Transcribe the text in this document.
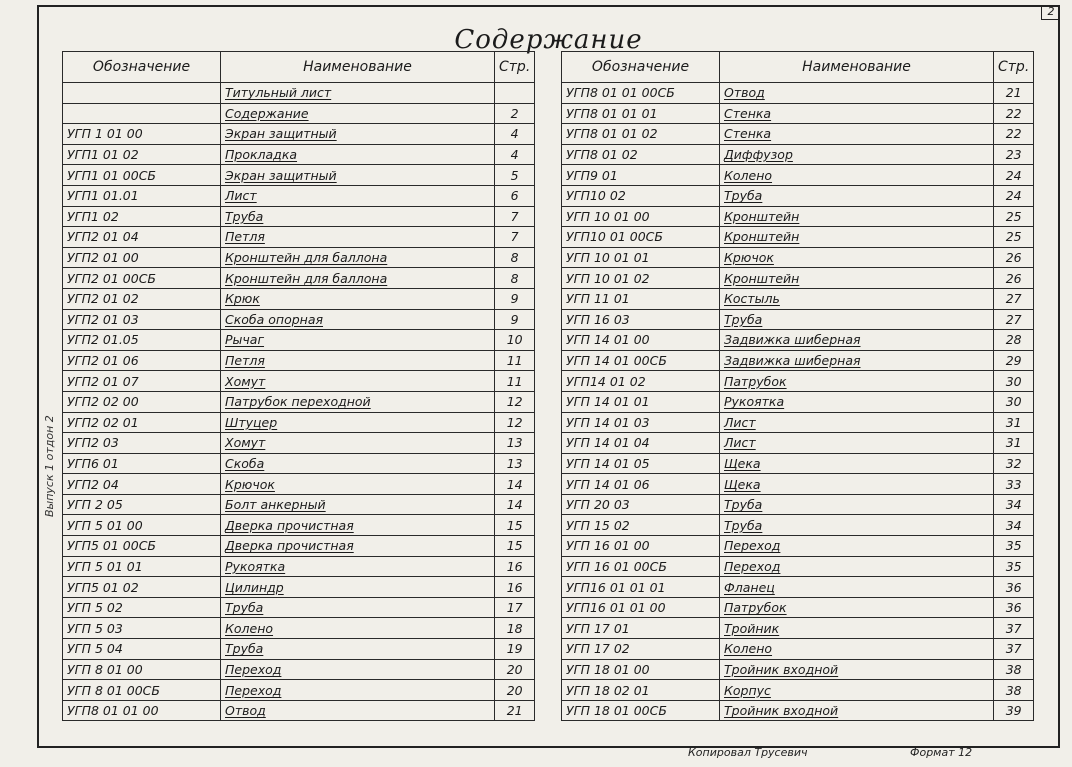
2
Выпуск 1 отдон 2
Содержание
Обозначение	Наименование	Стр.
	Титульный лист	
	Содержание	2
УГП 1 01 00	Экран защитный	4
УГП1 01 02	Прокладка	4
УГП1 01 00СБ	Экран защитный	5
УГП1 01.01	Лист	6
УГП1 02	Труба	7
УГП2 01 04	Петля	7
УГП2 01 00	Кронштейн для баллона	8
УГП2 01 00СБ	Кронштейн для баллона	8
УГП2 01 02	Крюк	9
УГП2 01 03	Скоба опорная	9
УГП2 01.05	Рычаг	10
УГП2 01 06	Петля	11
УГП2 01 07	Хомут	11
УГП2 02 00	Патрубок переходной	12
УГП2 02 01	Штуцер	12
УГП2 03	Хомут	13
УГП6 01	Скоба	13
УГП2 04	Крючок	14
УГП 2 05	Болт анкерный	14
УГП 5 01 00	Дверка прочистная	15
УГП5 01 00СБ	Дверка прочистная	15
УГП 5 01 01	Рукоятка	16
УГП5 01 02	Цилиндр	16
УГП 5 02	Труба	17
УГП 5 03	Колено	18
УГП 5 04	Труба	19
УГП 8 01 00	Переход	20
УГП 8 01 00СБ	Переход	20
УГП8 01 01 00	Отвод	21
Обозначение	Наименование	Стр.
УГП8 01 01 00СБ	Отвод	21
УГП8 01 01 01	Стенка	22
УГП8 01 01 02	Стенка	22
УГП8 01 02	Диффузор	23
УГП9 01	Колено	24
УГП10 02	Труба	24
УГП 10 01 00	Кронштейн	25
УГП10 01 00СБ	Кронштейн	25
УГП 10 01 01	Крючок	26
УГП 10 01 02	Кронштейн	26
УГП 11 01	Костыль	27
УГП 16 03	Труба	27
УГП 14 01 00	Задвижка шиберная	28
УГП 14 01 00СБ	Задвижка шиберная	29
УГП14 01 02	Патрубок	30
УГП 14 01 01	Рукоятка	30
УГП 14 01 03	Лист	31
УГП 14 01 04	Лист	31
УГП 14 01 05	Щека	32
УГП 14 01 06	Щека	33
УГП 20 03	Труба	34
УГП 15 02	Труба	34
УГП 16 01 00	Переход	35
УГП 16 01 00СБ	Переход	35
УГП16 01 01 01	Фланец	36
УГП16 01 01 00	Патрубок	36
УГП 17 01	Тройник	37
УГП 17 02	Колено	37
УГП 18 01 00	Тройник входной	38
УГП 18 02 01	Корпус	38
УГП 18 01 00СБ	Тройник входной	39
Копировал Трусевич	Формат 12
